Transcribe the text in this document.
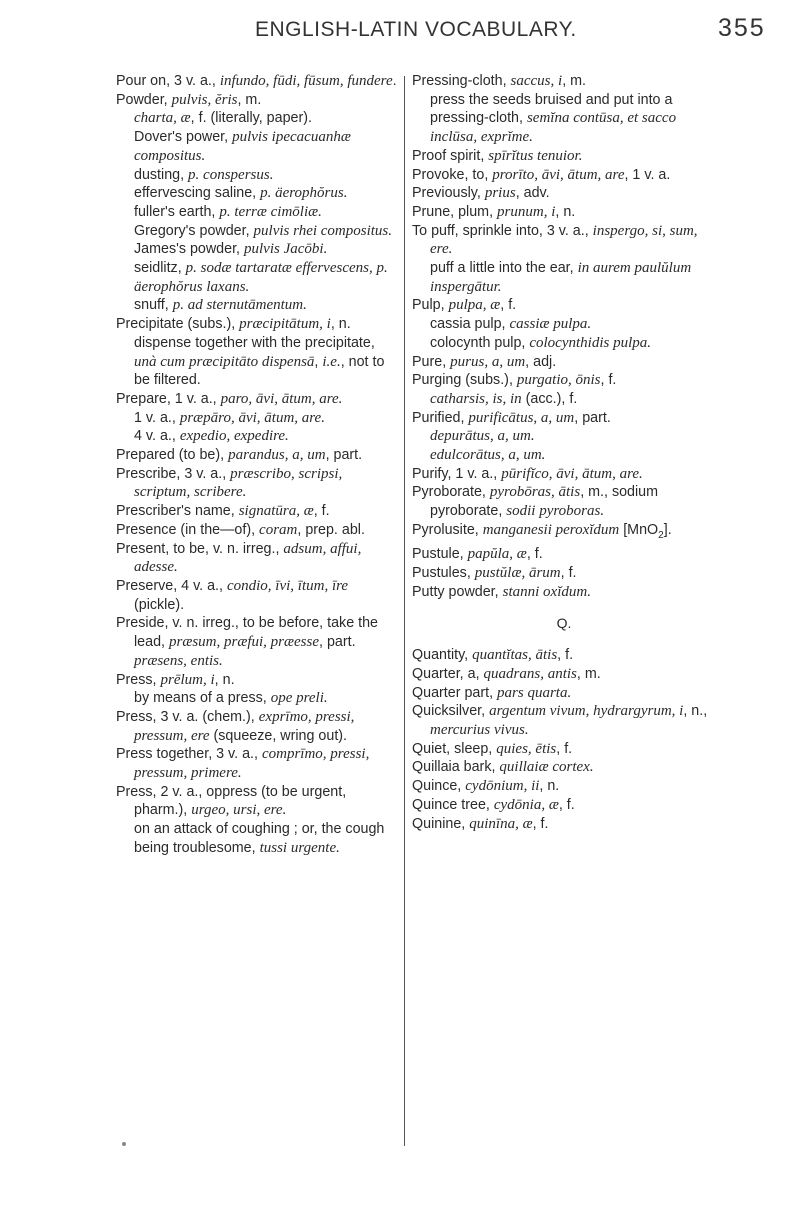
ENGLISH-LATIN VOCABULARY.	355

Pour on, 3 v. a., infundo, fūdi, fūsum, fundere.

Powder, pulvis, ĕris, m.

charta, æ, f. (literally, paper).

Dover's power, pulvis ipecacuanhæ compositus.

dusting, p. conspersus.

effervescing saline, p. äerophŏrus.

fuller's earth, p. terræ cimōliæ.

Gregory's powder, pulvis rhei compositus.

James's powder, pulvis Jacōbi.

seidlitz, p. sodæ tartaratæ effervescens, p. äerophŏrus laxans.

snuff, p. ad sternutāmentum.

Precipitate (subs.), præcipitātum, i, n.

dispense together with the precipitate, unà cum præcipitāto dispensā, i.e., not to be filtered.

Prepare, 1 v. a., paro, āvi, ātum, are.

1 v. a., præpāro, āvi, ātum, are.

4 v. a., expedio, expedire.

Prepared (to be), parandus, a, um, part.

Prescribe, 3 v. a., præscribo, scripsi, scriptum, scribere.

Prescriber's name, signatūra, æ, f.

Presence (in the—of), coram, prep. abl.

Present, to be, v. n. irreg., adsum, affui, adesse.

Preserve, 4 v. a., condio, īvi, ītum, īre (pickle).

Preside, v. n. irreg., to be before, take the lead, præsum, præfui, præesse, part. præsens, entis.

Press, prēlum, i, n.

by means of a press, ope preli.

Press, 3 v. a. (chem.), exprīmo, pressi, pressum, ere (squeeze, wring out).

Press together, 3 v. a., comprīmo, pressi, pressum, primere.

Press, 2 v. a., oppress (to be urgent, pharm.), urgeo, ursi, ere.

on an attack of coughing ; or, the cough being troublesome, tussi urgente.

Pressing-cloth, saccus, i, m.

press the seeds bruised and put into a pressing-cloth, semĭna contūsa, et sacco inclūsa, exprĭme.

Proof spirit, spīrĭtus tenuior.

Provoke, to, prorīto, āvi, ātum, are, 1 v. a.

Previously, prius, adv.

Prune, plum, prunum, i, n.

To puff, sprinkle into, 3 v. a., inspergo, si, sum, ere.

puff a little into the ear, in aurem paulŭlum inspergātur.

Pulp, pulpa, æ, f.

cassia pulp, cassiæ pulpa.

colocynth pulp, colocynthidis pulpa.

Pure, purus, a, um, adj.

Purging (subs.), purgatio, ōnis, f.

catharsis, is, in (acc.), f.

Purified, purificātus, a, um, part.

depurātus, a, um.

edulcorātus, a, um.

Purify, 1 v. a., pūrifĭco, āvi, ātum, are.

Pyroborate, pyrobōras, ātis, m., sodium pyroborate, sodii pyroboras.

Pyrolusite, manganesii peroxĭdum [MnO$_2$].

Pustule, papŭla, æ, f.

Pustules, pustŭlæ, ārum, f.

Putty powder, stanni oxĭdum.

Q.

Quantity, quantĭtas, ātis, f.

Quarter, a, quadrans, antis, m.

Quarter part, pars quarta.

Quicksilver, argentum vivum, hydrargyrum, i, n., mercurius vivus.

Quiet, sleep, quies, ētis, f.

Quillaia bark, quillaiæ cortex.

Quince, cydōnium, ii, n.

Quince tree, cydōnia, æ, f.

Quinine, quinīna, æ, f.
